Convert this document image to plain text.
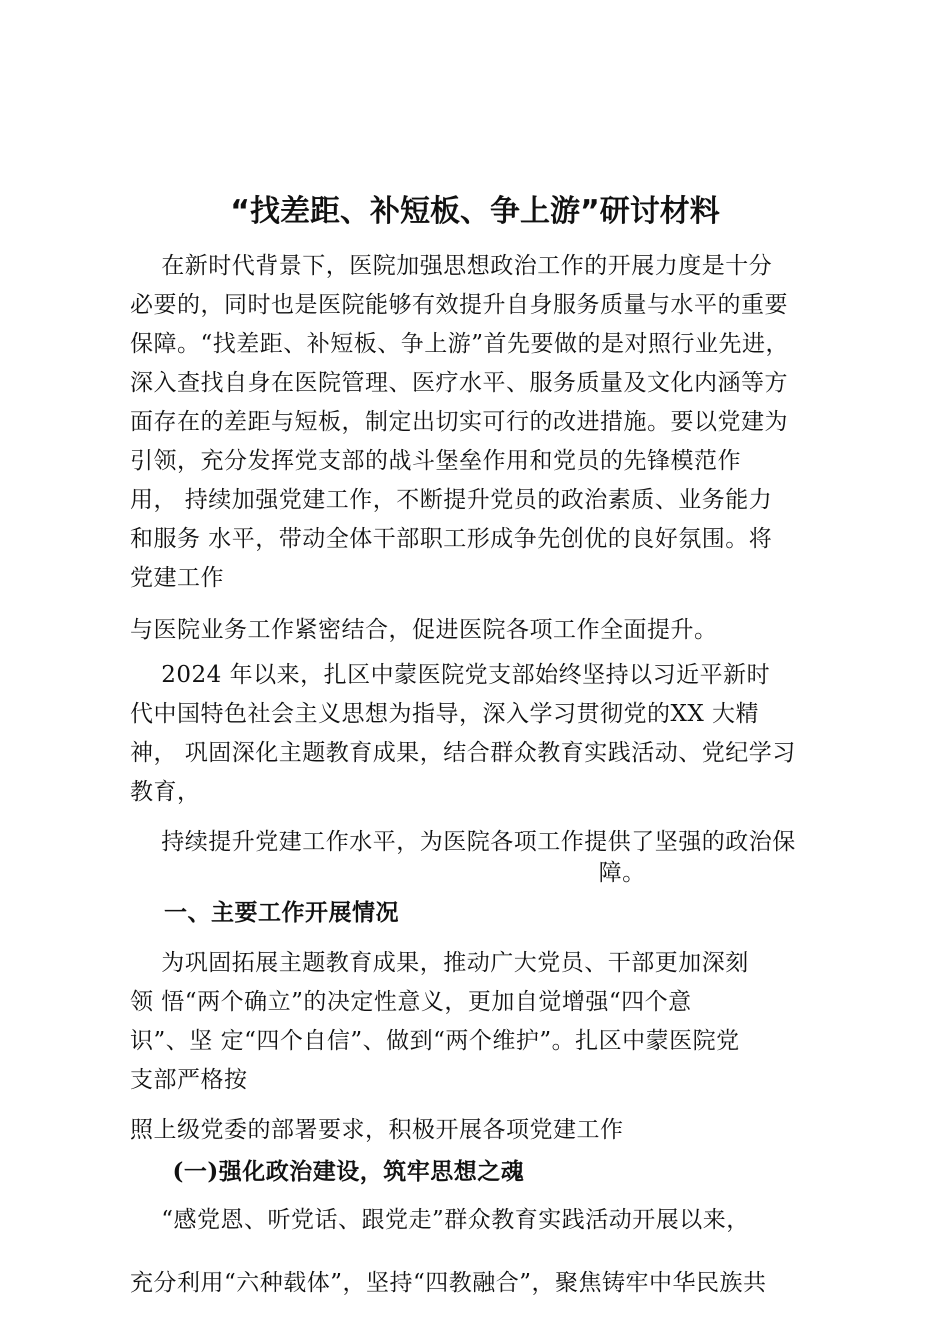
“找差距、补短板、争上游”研讨材料
在新时代背景下，医院加强思想政治工作的开展力度是十分
必要的，同时也是医院能够有效提升自身服务质量与水平的重要
保障。“找差距、补短板、争上游”首先要做的是对照行业先进，
深入查找自身在医院管理、医疗水平、服务质量及文化内涵等方
面存在的差距与短板，制定出切实可行的改进措施。要以党建为
引领，充分发挥党支部的战斗堡垒作用和党员的先锋模范作
用， 持续加强党建工作，不断提升党员的政治素质、业务能力
和服务 水平，带动全体干部职工形成争先创优的良好氛围。将
党建工作
与医院业务工作紧密结合，促进医院各项工作全面提升。
2024 年以来，扎区中蒙医院党支部始终坚持以习近平新时
代中国特色社会主义思想为指导，深入学习贯彻党的XX 大精
神， 巩固深化主题教育成果，结合群众教育实践活动、党纪学习
教育，
持续提升党建工作水平，为医院各项工作提供了坚强的政治保
障。
一、主要工作开展情况
为巩固拓展主题教育成果，推动广大党员、干部更加深刻
领 悟“两个确立”的决定性意义，更加自觉增强“四个意
识”、坚 定“四个自信”、做到“两个维护”。扎区中蒙医院党
支部严格按
照上级党委的部署要求，积极开展各项党建工作
(一)强化政治建设，筑牢思想之魂
“感党恩、听党话、跟党走”群众教育实践活动开展以来，
充分利用“六种载体”，坚持“四教融合”，聚焦铸牢中华民族共
